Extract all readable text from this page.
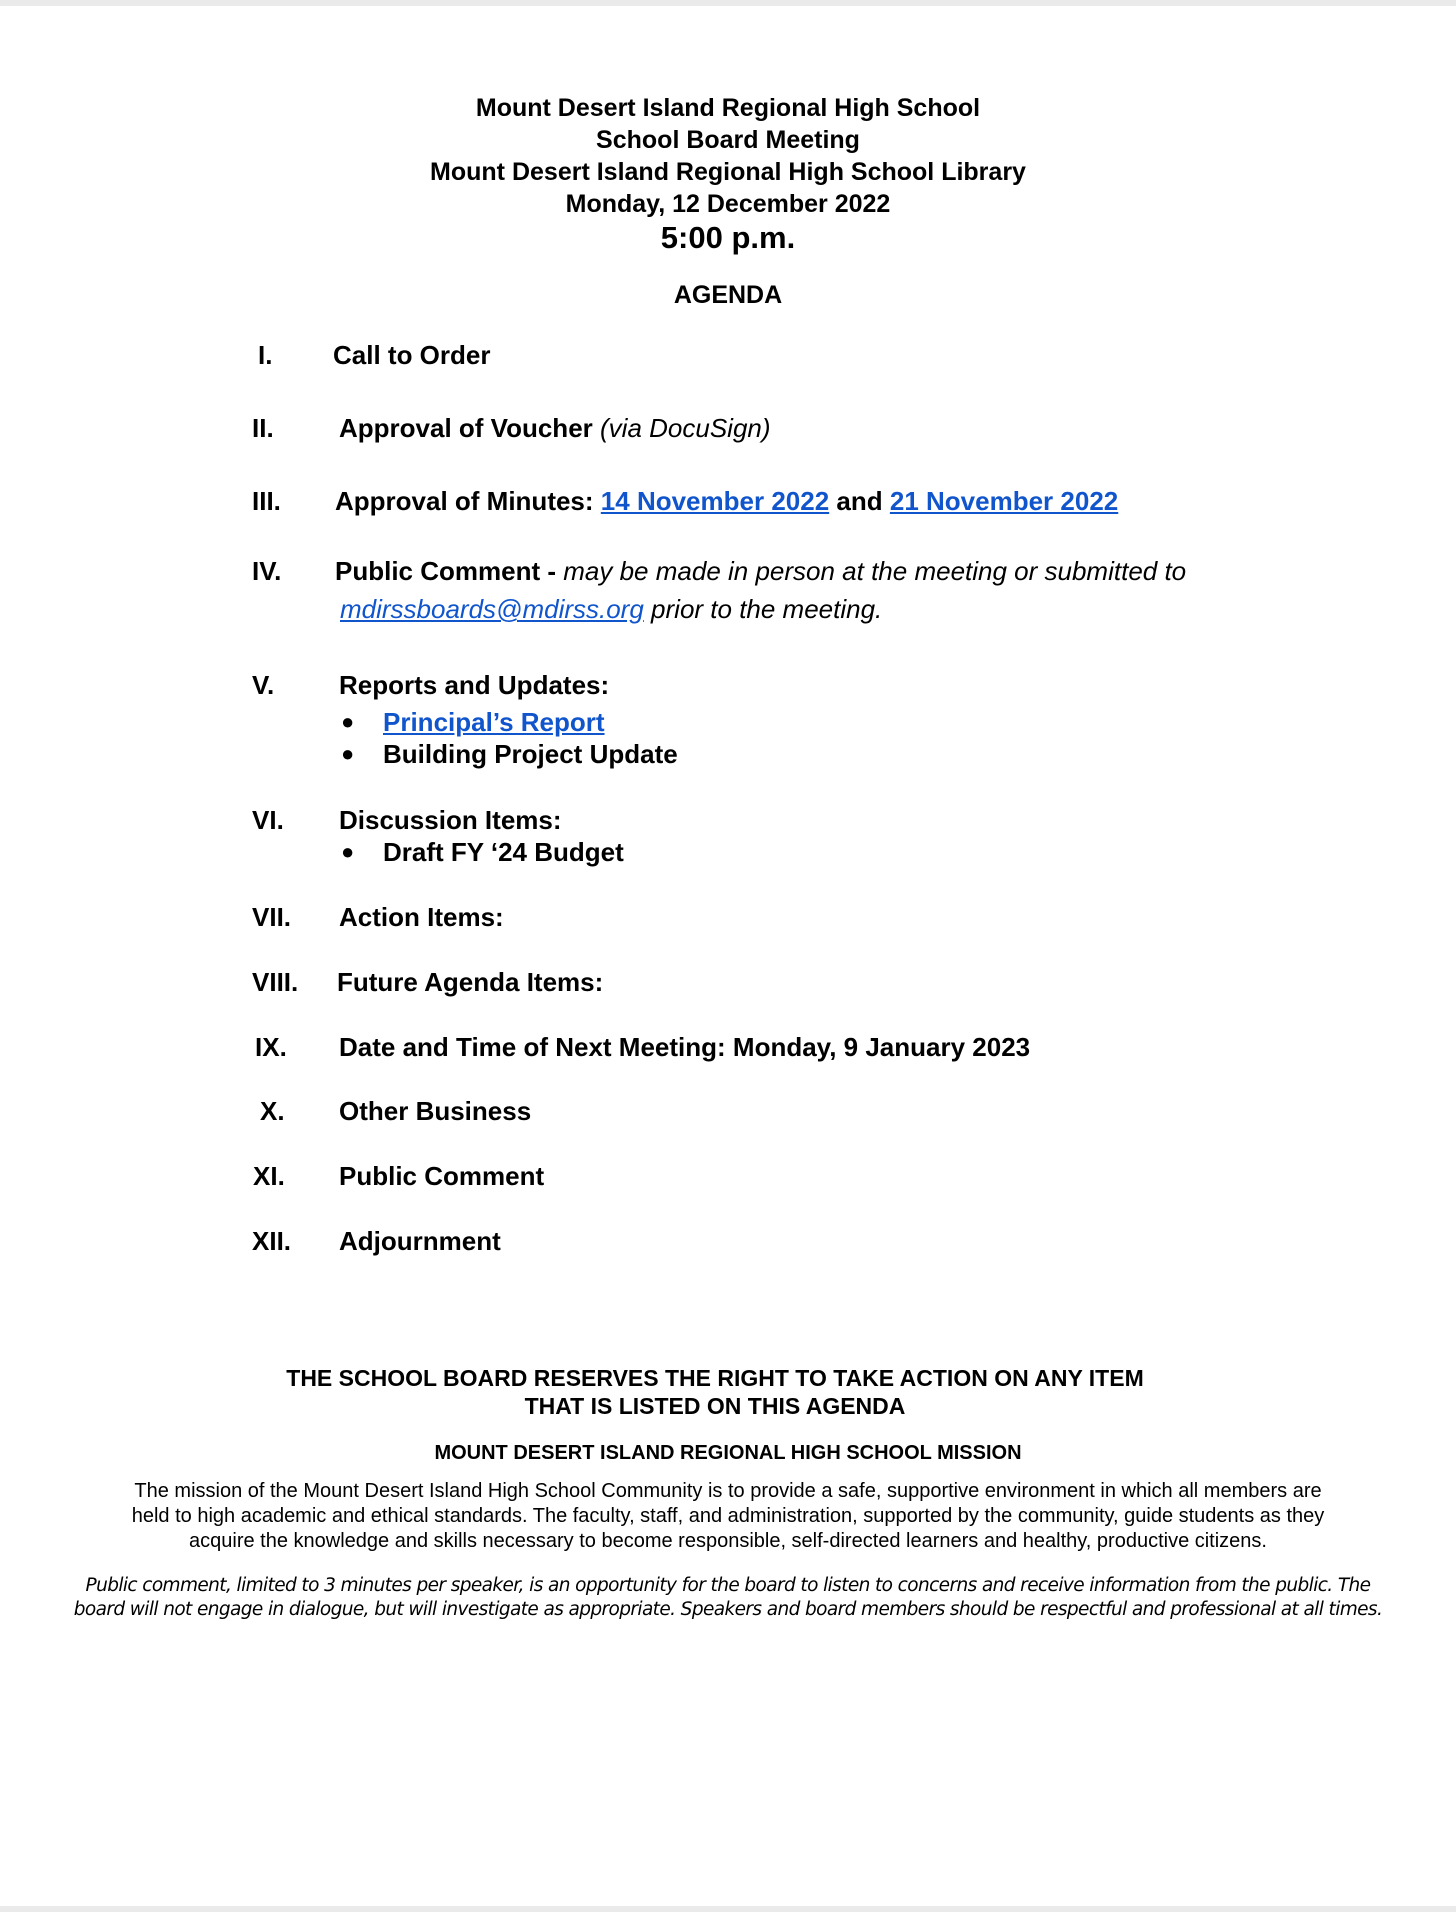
Mount Desert Island Regional High School
School Board Meeting
Mount Desert Island Regional High School Library
Monday, 12 December 2022
5:00 p.m.
AGENDA
I. Call to Order
II.	Approval of Voucher (via DocuSign)
III. Approval of Minutes: 14 November 2022 and 21 November 2022
IV. Public Comment - may be made in person at the meeting or submitted to
mdirssboards@mdirss.org prior to the meeting.
V. Reports and Updates:
● Principal’s Report
● Building Project Update
VI. Discussion Items:
● Draft FY ‘24 Budget
VII. Action Items:
VIII. Future Agenda Items:
IX. Date and Time of Next Meeting: Monday, 9 January 2023
X. Other Business
XI. Public Comment
XII. Adjournment
THE SCHOOL BOARD RESERVES THE RIGHT TO TAKE ACTION ON ANY ITEM
THAT IS LISTED ON THIS AGENDA
MOUNT DESERT ISLAND REGIONAL HIGH SCHOOL MISSION
The mission of the Mount Desert Island High School Community is to provide a safe, supportive environment in which all members are
held to high academic and ethical standards. The faculty, staff, and administration, supported by the community, guide students as they
acquire the knowledge and skills necessary to become responsible, self-directed learners and healthy, productive citizens.
Public comment, limited to 3 minutes per speaker, is an opportunity for the board to listen to concerns and receive information from the public. The
board will not engage in dialogue, but will investigate as appropriate. Speakers and board members should be respectful and professional at all times.
